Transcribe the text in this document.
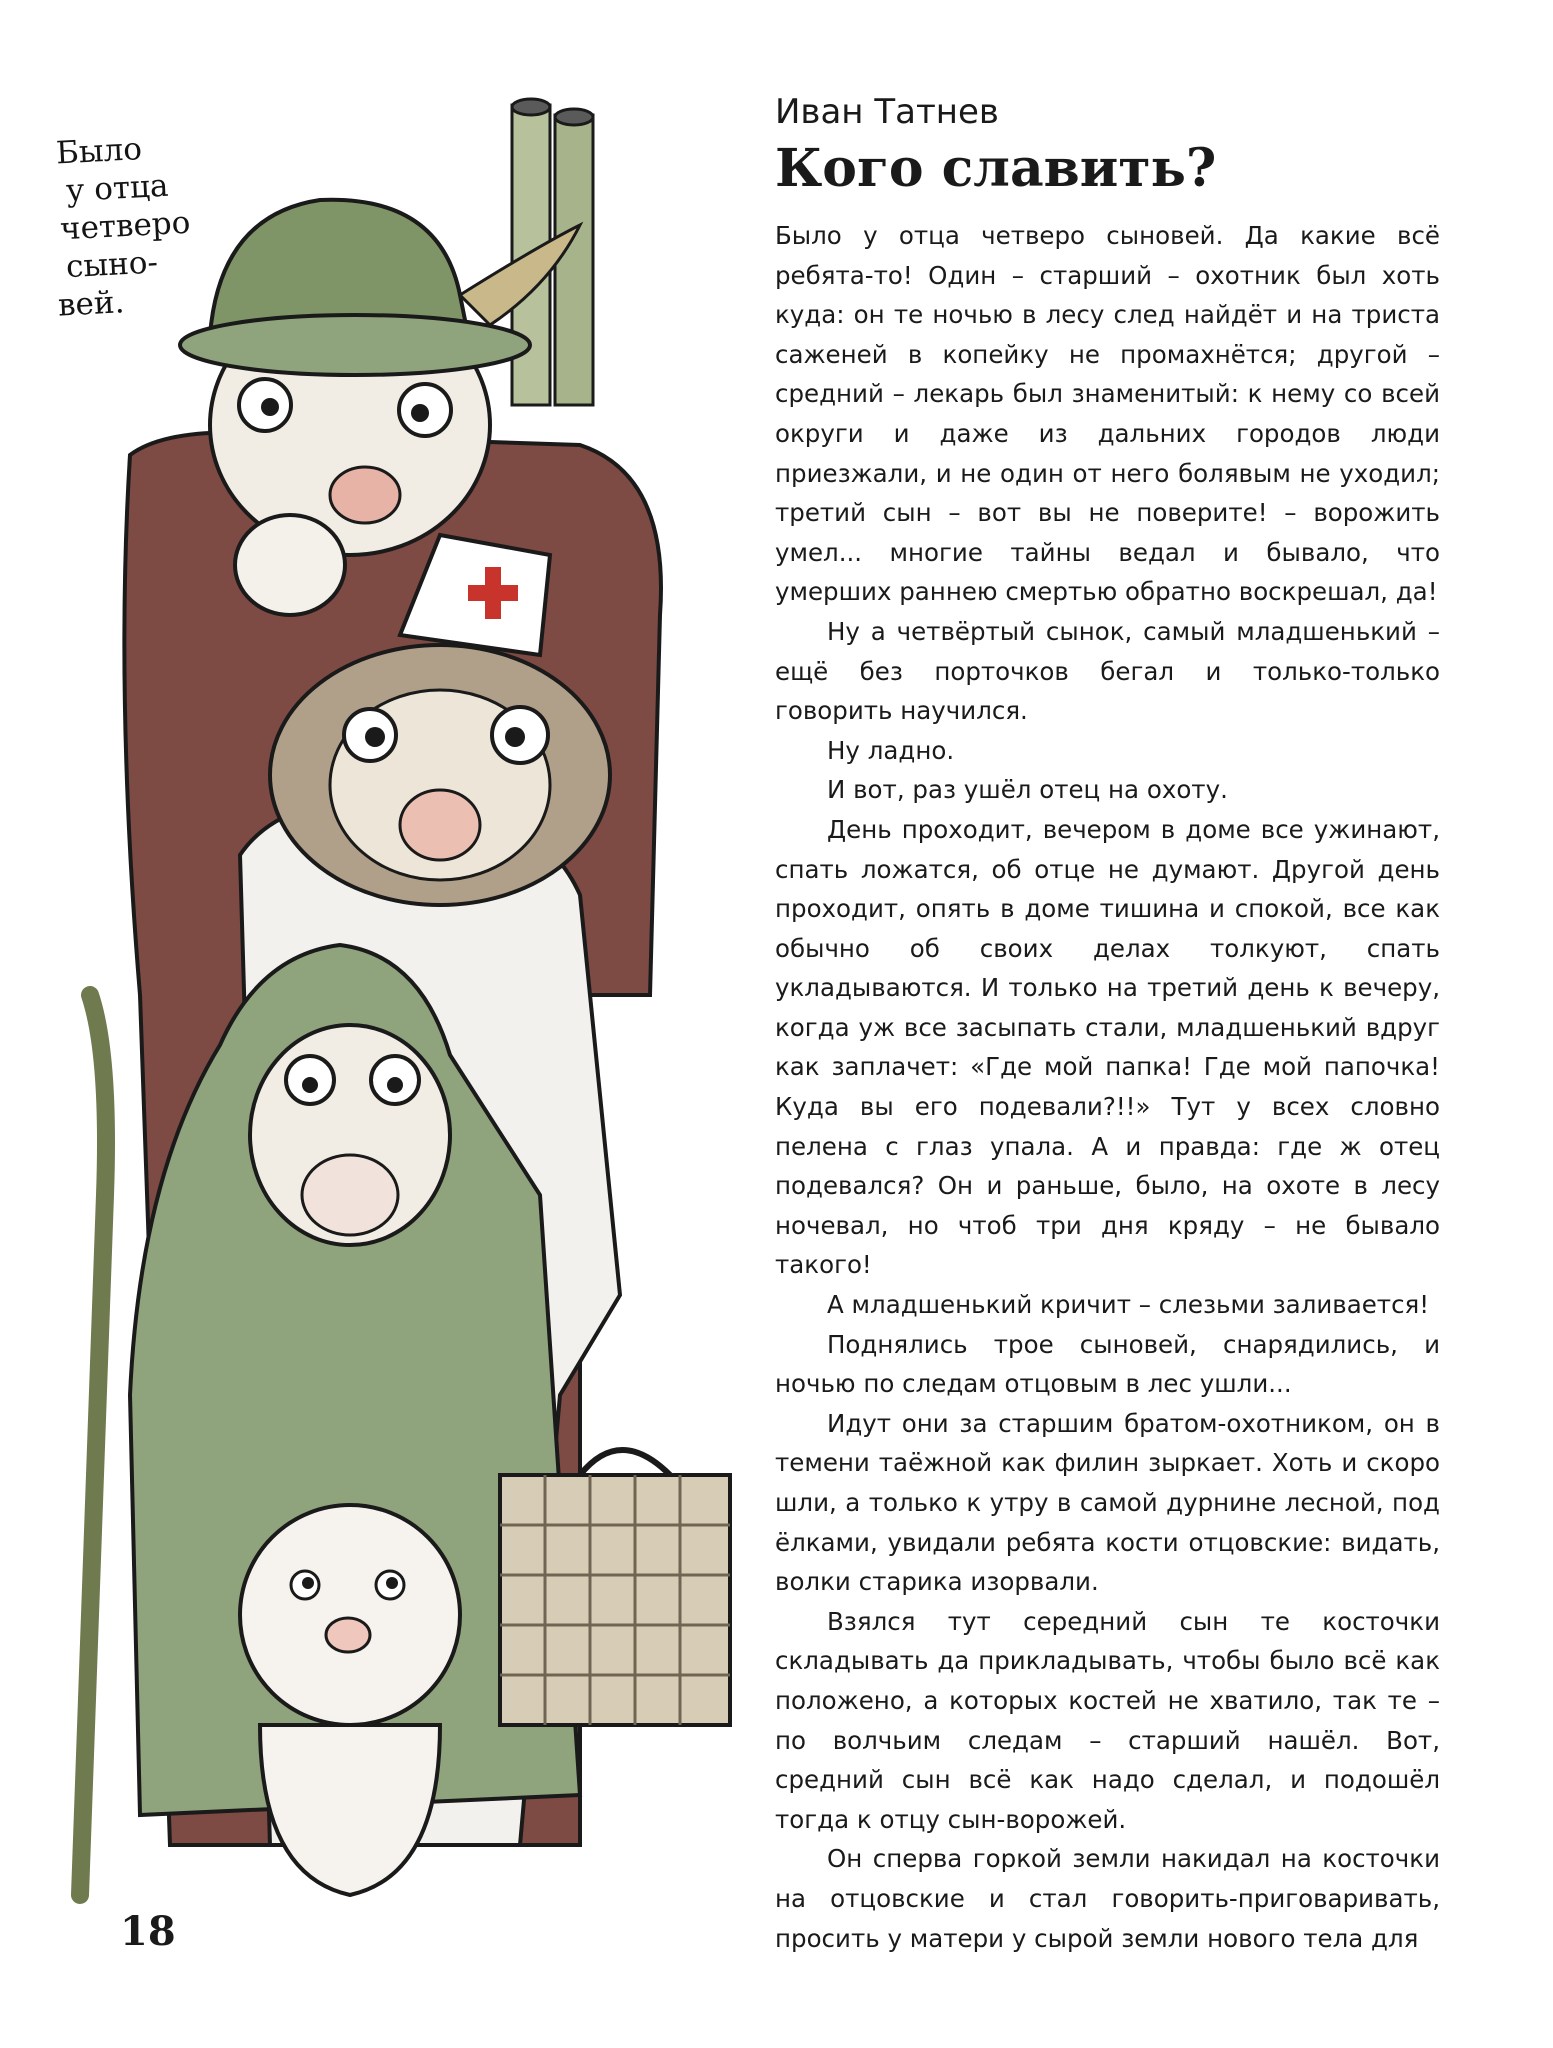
Было
у отца
четверо
сыно-
вей.
Иван Татнев
Кого славить?

Было у отца четверо сыновей. Да какие всё ребята-то! Один – старший – охотник был хоть куда: он те ночью в лесу след найдёт и на триста саженей в копейку не промахнётся; другой – средний – лекарь был знаменитый: к нему со всей округи и даже из дальних городов люди приезжали, и не один от него болявым не уходил; третий сын – вот вы не поверите! – ворожить умел... многие тайны ведал и бывало, что умерших раннею смертью обратно воскрешал, да!

Ну а четвёртый сынок, самый младшенький – ещё без порточков бегал и только-только говорить научился.

Ну ладно.

И вот, раз ушёл отец на охоту.

День проходит, вечером в доме все ужинают, спать ложатся, об отце не думают. Другой день проходит, опять в доме тишина и спокой, все как обычно об своих делах толкуют, спать укладываются. И только на третий день к вечеру, когда уж все засыпать стали, младшенький вдруг как заплачет: «Где мой папка! Где мой папочка! Куда вы его подевали?!!» Тут у всех словно пелена с глаз упала. А и правда: где ж отец подевался? Он и раньше, было, на охоте в лесу ночевал, но чтоб три дня кряду – не бывало такого!

А младшенький кричит – слезьми заливается!

Поднялись трое сыновей, снарядились, и ночью по следам отцовым в лес ушли...

Идут они за старшим братом-охотником, он в темени таёжной как филин зыркает. Хоть и скоро шли, а только к утру в самой дурнине лесной, под ёлками, увидали ребята кости отцовские: видать, волки старика изорвали.

Взялся тут середний сын те косточки складывать да прикладывать, чтобы было всё как положено, а которых костей не хватило, так те – по волчьим следам – старший нашёл. Вот, средний сын всё как надо сделал, и подошёл тогда к отцу сын-ворожей.

Он сперва горкой земли накидал на косточки на отцовские и стал говорить-приговаривать, просить у матери у сырой земли нового тела для

18
